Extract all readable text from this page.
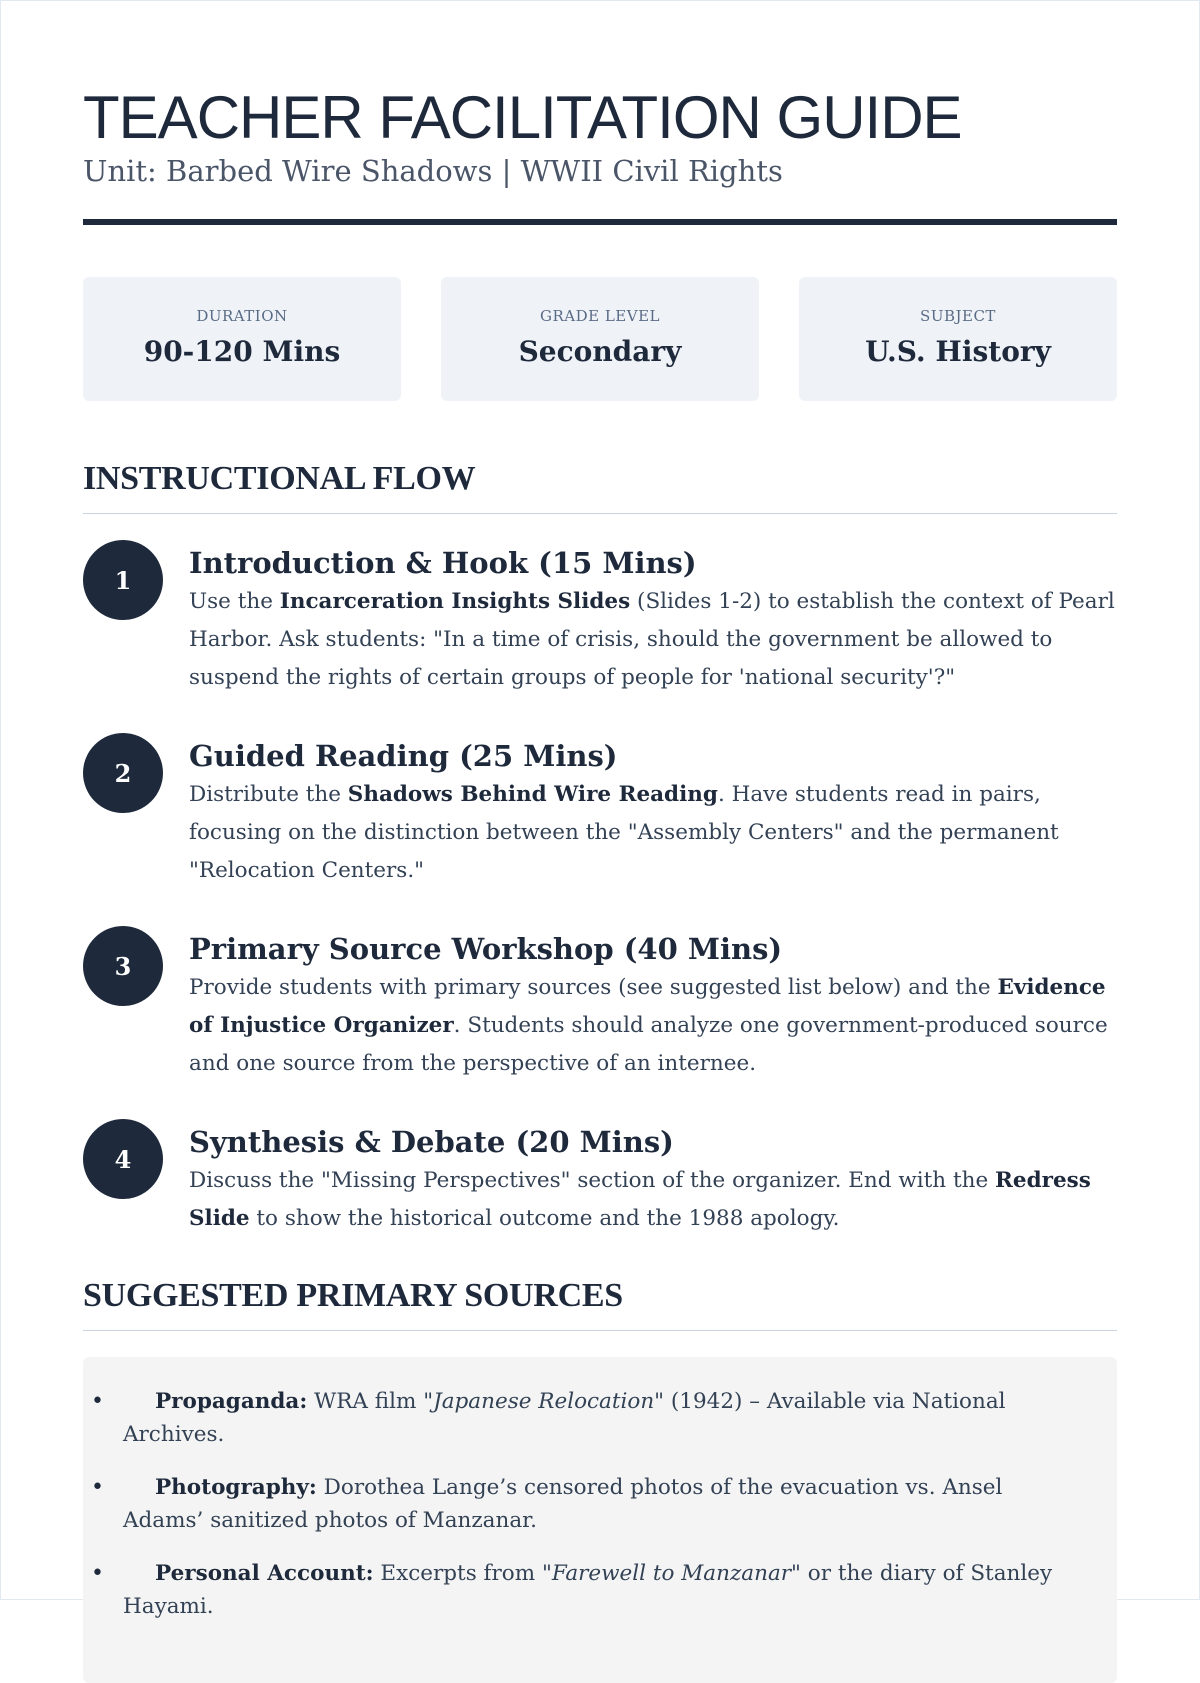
TEACHER FACILITATION GUIDE
Unit: Barbed Wire Shadows | WWII Civil Rights
DURATION
90-120 Mins
GRADE LEVEL
Secondary
SUBJECT
U.S. History
INSTRUCTIONAL FLOW
1	Introduction & Hook (15 Mins)
Use the Incarceration Insights Slides (Slides 1-2) to establish the context of Pearl Harbor. Ask students: "In a time of crisis, should the government be allowed to suspend the rights of certain groups of people for 'national security'?"
2	Guided Reading (25 Mins)
Distribute the Shadows Behind Wire Reading. Have students read in pairs, focusing on the distinction between the "Assembly Centers" and the permanent "Relocation Centers."
3	Primary Source Workshop (40 Mins)
Provide students with primary sources (see suggested list below) and the Evidence of Injustice Organizer. Students should analyze one government-produced source and one source from the perspective of an internee.
4	Synthesis & Debate (20 Mins)
Discuss the "Missing Perspectives" section of the organizer. End with the Redress Slide to show the historical outcome and the 1988 apology.
SUGGESTED PRIMARY SOURCES
• Propaganda: WRA film "Japanese Relocation" (1942) – Available via National Archives.
• Photography: Dorothea Lange’s censored photos of the evacuation vs. Ansel Adams’ sanitized photos of Manzanar.
• Personal Account: Excerpts from "Farewell to Manzanar" or the diary of Stanley Hayami.
